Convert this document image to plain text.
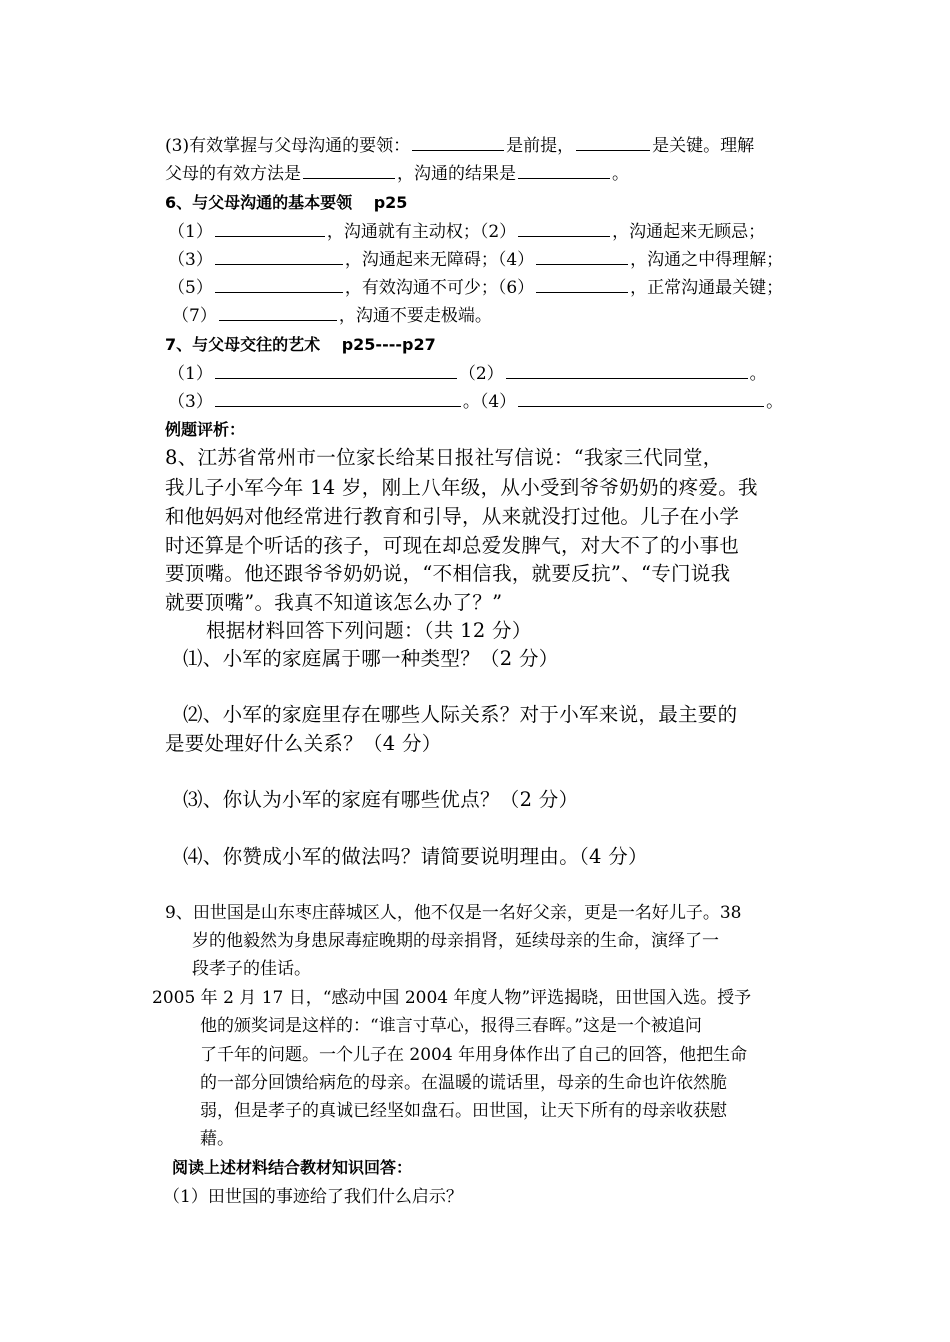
(3)有效掌握与父母沟通的要领：	是前提，	是关键。理解
父母的有效方法是	，沟通的结果是	。
6、与父母沟通的基本要领　 p25
（1）	，沟通就有主动权；（2）	，沟通起来无顾忌；
（3）	，沟通起来无障碍；（4）	，沟通之中得理解；
（5）	，有效沟通不可少；（6）	，正常沟通最关键；
（7）	，沟通不要走极端。
7、与父母交往的艺术　 p25----p27
（1）	（2）	。
（3）	。（4）	。
例题评析：
8、江苏省常州市一位家长给某日报社写信说：“我家三代同堂，
我儿子小军今年 14 岁，刚上八年级，从小受到爷爷奶奶的疼爱。我
和他妈妈对他经常进行教育和引导，从来就没打过他。儿子在小学
时还算是个听话的孩子，可现在却总爱发脾气，对大不了的小事也
要顶嘴。他还跟爷爷奶奶说，“不相信我，就要反抗”、“专门说我
就要顶嘴”。我真不知道该怎么办了？”
根据材料回答下列问题：（共 12 分）
⑴、小军的家庭属于哪一种类型？（2 分）
⑵、小军的家庭里存在哪些人际关系？对于小军来说，最主要的
是要处理好什么关系？（4 分）
⑶、你认为小军的家庭有哪些优点？（2 分）
⑷、你赞成小军的做法吗？请简要说明理由。（4 分）
9、田世国是山东枣庄薛城区人，他不仅是一名好父亲，更是一名好儿子。38
岁的他毅然为身患尿毒症晚期的母亲捐肾，延续母亲的生命，演绎了一
段孝子的佳话。
2005 年 2 月 17 日，“感动中国 2004 年度人物”评选揭晓，田世国入选。授予
他的颁奖词是这样的：“谁言寸草心，报得三春晖。”这是一个被追问
了千年的问题。一个儿子在 2004 年用身体作出了自己的回答，他把生命
的一部分回馈给病危的母亲。在温暖的谎话里，母亲的生命也许依然脆
弱，但是孝子的真诚已经坚如盘石。田世国，让天下所有的母亲收获慰
藉。
阅读上述材料结合教材知识回答：
（1）田世国的事迹给了我们什么启示？
